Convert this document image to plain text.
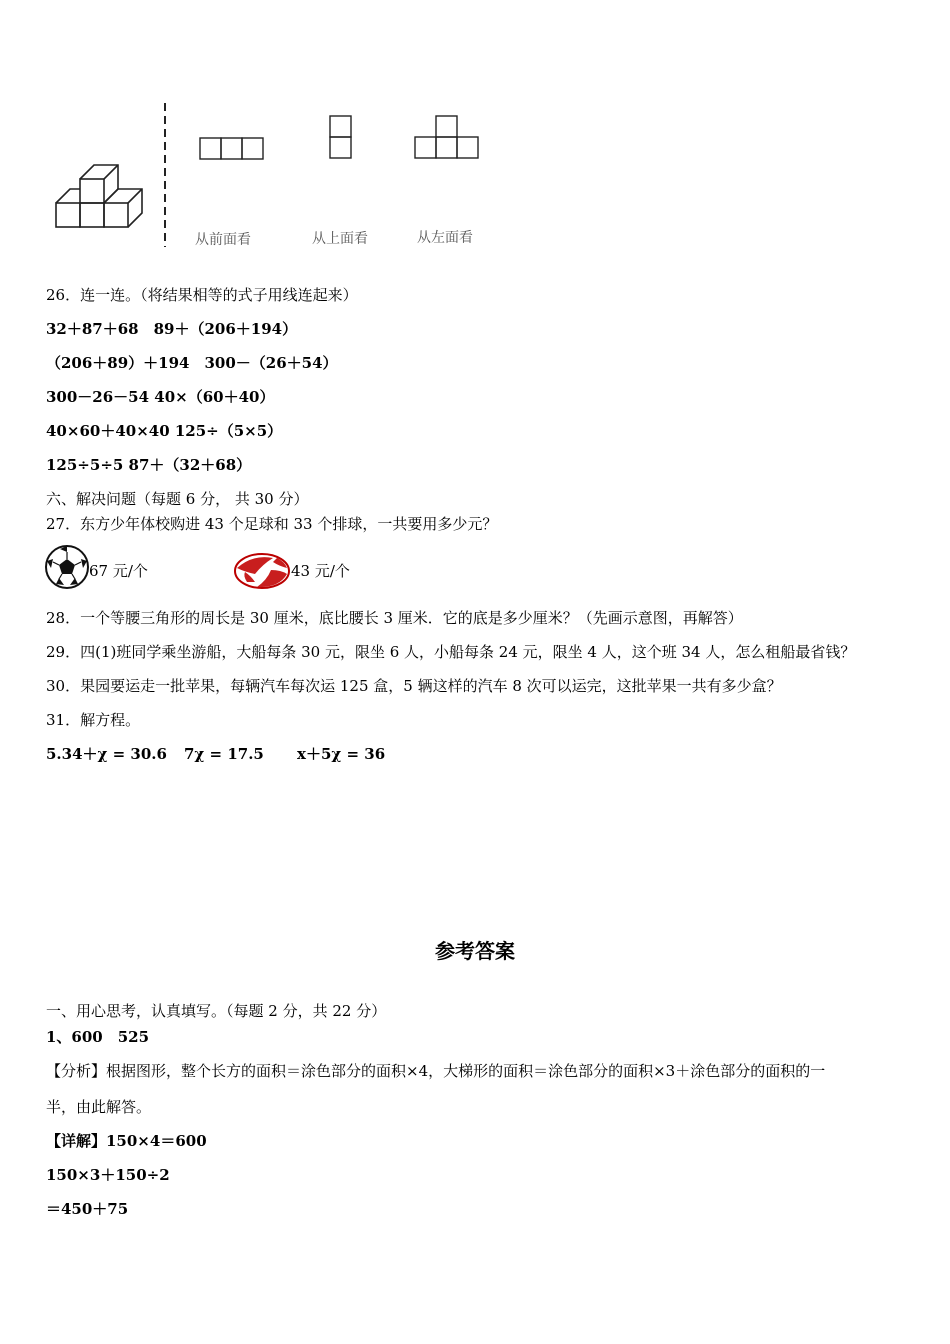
从前面看	从上面看	从左面看
26．连一连。（将结果相等的式子用线连起来）
32＋87＋68　89＋（206＋194）
（206＋89）＋194　300－（26＋54）
300－26－54 40×（60＋40）
40×60＋40×40 125÷（5×5）
125÷5÷5 87＋（32＋68）
六、解决问题（每题 6 分， 共 30 分）
27．东方少年体校购进 43 个足球和 33 个排球，一共要用多少元？
67 元/个	43 元/个
28．一个等腰三角形的周长是 30 厘米，底比腰长 3 厘米．它的底是多少厘米？（先画示意图，再解答）
29．四(1)班同学乘坐游船，大船每条 30 元，限坐 6 人，小船每条 24 元，限坐 4 人，这个班 34 人，怎么租船最省钱？
30．果园要运走一批苹果，每辆汽车每次运 125 盒，5 辆这样的汽车 8 次可以运完，这批苹果一共有多少盒？
31．解方程。
5.34＋χ = 30.6 7χ = 17.5 x＋5χ = 36
参考答案
一、用心思考，认真填写。（每题 2 分，共 22 分）
1、600　525
【分析】根据图形，整个长方的面积＝涂色部分的面积×4，大梯形的面积＝涂色部分的面积×3＋涂色部分的面积的一
半，由此解答。
【详解】150×4＝600
150×3＋150÷2
＝450＋75
